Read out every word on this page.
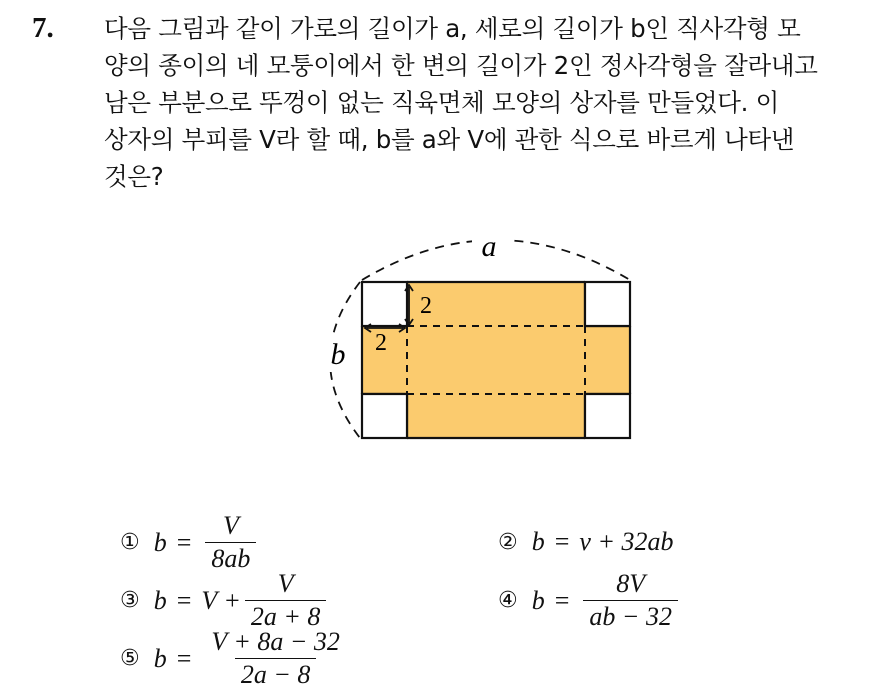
7. 다음 그림과 같이 가로의 길이가 a, 세로의 길이가 b인 직사각형 모
양의 종이의 네 모퉁이에서 한 변의 길이가 2인 정사각형을 잘라내고
남은 부분으로 뚜껑이 없는 직육면체 모양의 상자를 만들었다. 이
상자의 부피를 V라 할 때, b를 a와 V에 관한 식으로 바르게 나타낸
것은?
a
b
2
2
① $b = \frac{V}{8ab}$	② b = v + 32ab
③ $b = V + \frac{V}{2a + 8}$	④ $b = \frac{8V}{ab - 32}$
⑤ $b = \frac{V + 8a - 32}{2a - 8}$
